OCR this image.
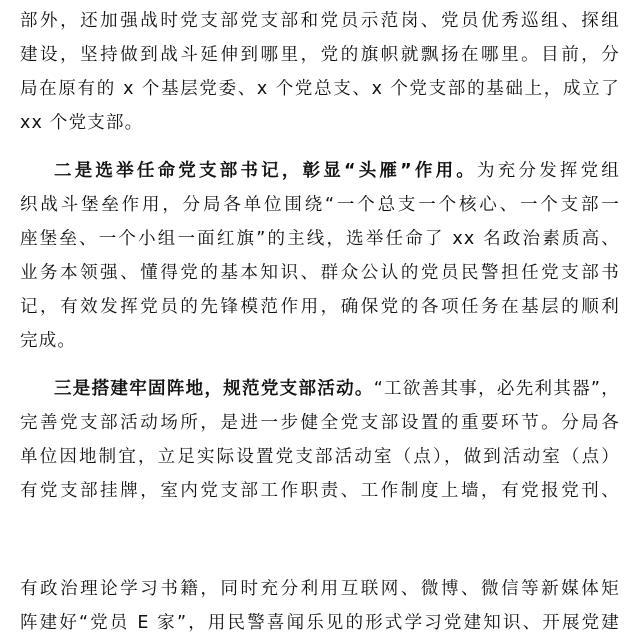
部外，还加强战时党支部党支部和党员示范岗、党员优秀巡组、探组
建设，坚持做到战斗延伸到哪里，党的旗帜就飘扬在哪里。目前，分
局在原有的 x 个基层党委、x 个党总支、x 个党支部的基础上，成立了
xx 个党支部。
二是选举任命党支部书记，彰显“头雁”作用。为充分发挥党组
织战斗堡垒作用，分局各单位围绕“一个总支一个核心、一个支部一
座堡垒、一个小组一面红旗”的主线，选举任命了 xx 名政治素质高、
业务本领强、懂得党的基本知识、群众公认的党员民警担任党支部书
记，有效发挥党员的先锋模范作用，确保党的各项任务在基层的顺利
完成。
三是搭建牢固阵地，规范党支部活动。“工欲善其事，必先利其器”，
完善党支部活动场所，是进一步健全党支部设置的重要环节。分局各
单位因地制宜，立足实际设置党支部活动室（点），做到活动室（点）
有党支部挂牌，室内党支部工作职责、工作制度上墙，有党报党刊、
有政治理论学习书籍，同时充分利用互联网、微博、微信等新媒体矩
阵建好“党员 E 家”，用民警喜闻乐见的形式学习党建知识、开展党建
